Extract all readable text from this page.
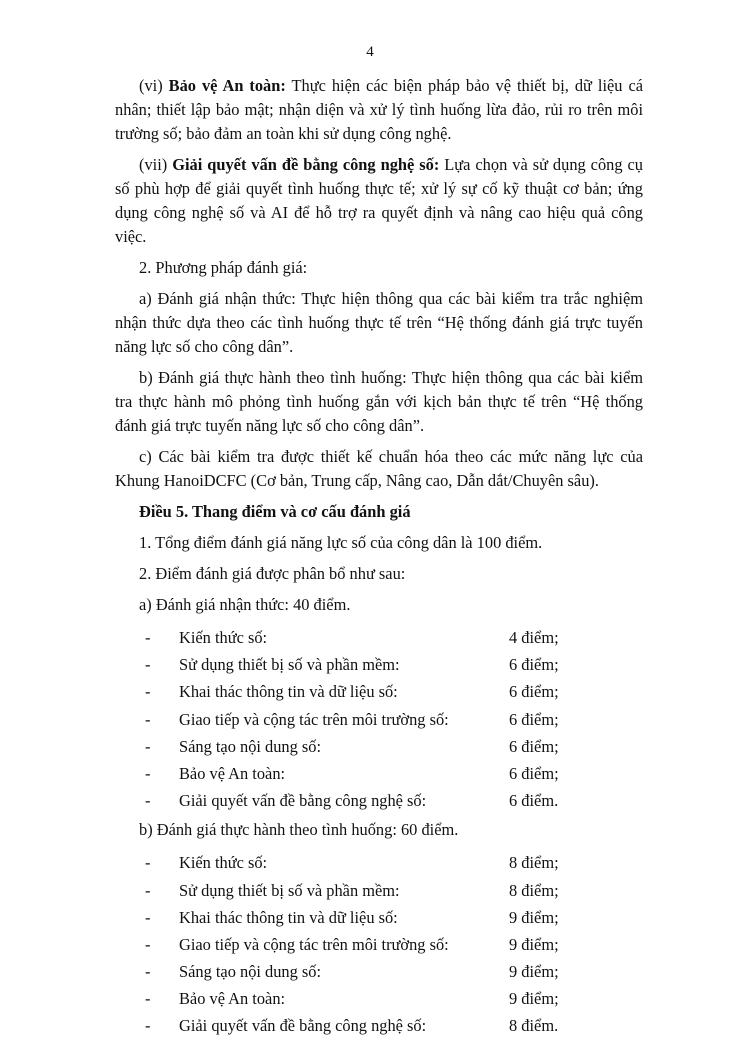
4

(vi) Bảo vệ An toàn: Thực hiện các biện pháp bảo vệ thiết bị, dữ liệu cá nhân; thiết lập bảo mật; nhận diện và xử lý tình huống lừa đảo, rủi ro trên môi trường số; bảo đảm an toàn khi sử dụng công nghệ.

(vii) Giải quyết vấn đề bằng công nghệ số: Lựa chọn và sử dụng công cụ số phù hợp để giải quyết tình huống thực tế; xử lý sự cố kỹ thuật cơ bản; ứng dụng công nghệ số và AI để hỗ trợ ra quyết định và nâng cao hiệu quả công việc.

2. Phương pháp đánh giá:

a) Đánh giá nhận thức: Thực hiện thông qua các bài kiểm tra trắc nghiệm nhận thức dựa theo các tình huống thực tế trên “Hệ thống đánh giá trực tuyến năng lực số cho công dân”.

b) Đánh giá thực hành theo tình huống: Thực hiện thông qua các bài kiểm tra thực hành mô phỏng tình huống gắn với kịch bản thực tế trên “Hệ thống đánh giá trực tuyến năng lực số cho công dân”.

c) Các bài kiểm tra được thiết kế chuẩn hóa theo các mức năng lực của Khung HanoiDCFC (Cơ bản, Trung cấp, Nâng cao, Dẫn dắt/Chuyên sâu).

Điều 5. Thang điểm và cơ cấu đánh giá

1. Tổng điểm đánh giá năng lực số của công dân là 100 điểm.

2. Điểm đánh giá được phân bổ như sau:

a) Đánh giá nhận thức: 40 điểm.

-	Kiến thức số:	4 điểm;
-	Sử dụng thiết bị số và phần mềm:	6 điểm;
-	Khai thác thông tin và dữ liệu số:	6 điểm;
-	Giao tiếp và cộng tác trên môi trường số:	6 điểm;
-	Sáng tạo nội dung số:	6 điểm;
-	Bảo vệ An toàn:	6 điểm;
-	Giải quyết vấn đề bằng công nghệ số:	6 điểm.

b) Đánh giá thực hành theo tình huống: 60 điểm.

-	Kiến thức số:	8 điểm;
-	Sử dụng thiết bị số và phần mềm:	8 điểm;
-	Khai thác thông tin và dữ liệu số:	9 điểm;
-	Giao tiếp và cộng tác trên môi trường số:	9 điểm;
-	Sáng tạo nội dung số:	9 điểm;
-	Bảo vệ An toàn:	9 điểm;
-	Giải quyết vấn đề bằng công nghệ số:	8 điểm.
